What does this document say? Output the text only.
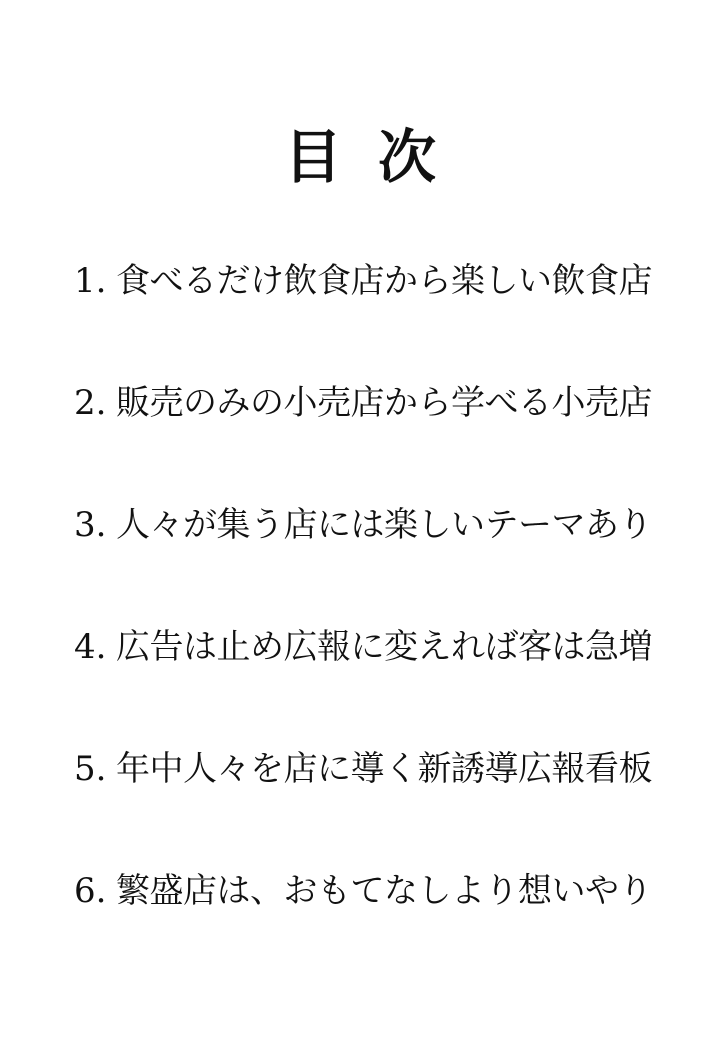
目次
1. 食べるだけ飲食店から楽しい飲食店
2. 販売のみの小売店から学べる小売店
3. 人々が集う店には楽しいテーマあり
4. 広告は止め広報に変えれば客は急増
5. 年中人々を店に導く新誘導広報看板
6. 繁盛店は、おもてなしより想いやり
